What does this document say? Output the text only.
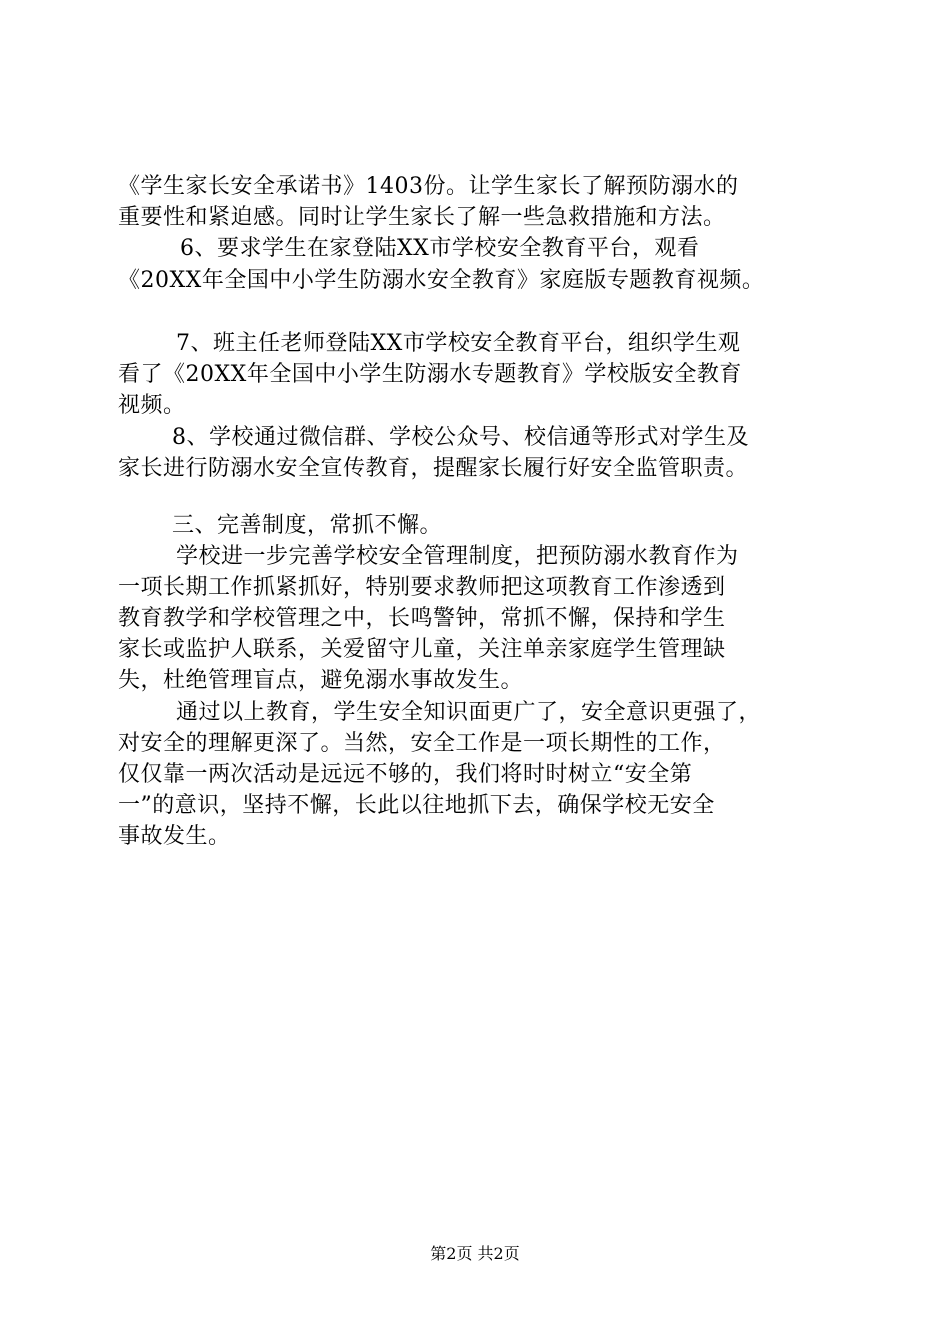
《学生家长安全承诺书》1403份。让学生家长了解预防溺水的
重要性和紧迫感。同时让学生家长了解一些急救措施和方法。
6、要求学生在家登陆XX市学校安全教育平台，观看
《20XX年全国中小学生防溺水安全教育》家庭版专题教育视频。
7、班主任老师登陆XX市学校安全教育平台，组织学生观
看了《20XX年全国中小学生防溺水专题教育》学校版安全教育
视频。
8、学校通过微信群、学校公众号、校信通等形式对学生及
家长进行防溺水安全宣传教育，提醒家长履行好安全监管职责。
三、完善制度，常抓不懈。
学校进一步完善学校安全管理制度，把预防溺水教育作为
一项长期工作抓紧抓好，特别要求教师把这项教育工作渗透到
教育教学和学校管理之中，长鸣警钟，常抓不懈，保持和学生
家长或监护人联系，关爱留守儿童，关注单亲家庭学生管理缺
失，杜绝管理盲点，避免溺水事故发生。
通过以上教育，学生安全知识面更广了，安全意识更强了，
对安全的理解更深了。当然，安全工作是一项长期性的工作，
仅仅靠一两次活动是远远不够的，我们将时时树立“安全第
一”的意识，坚持不懈，长此以往地抓下去，确保学校无安全
事故发生。
第2页 共2页
